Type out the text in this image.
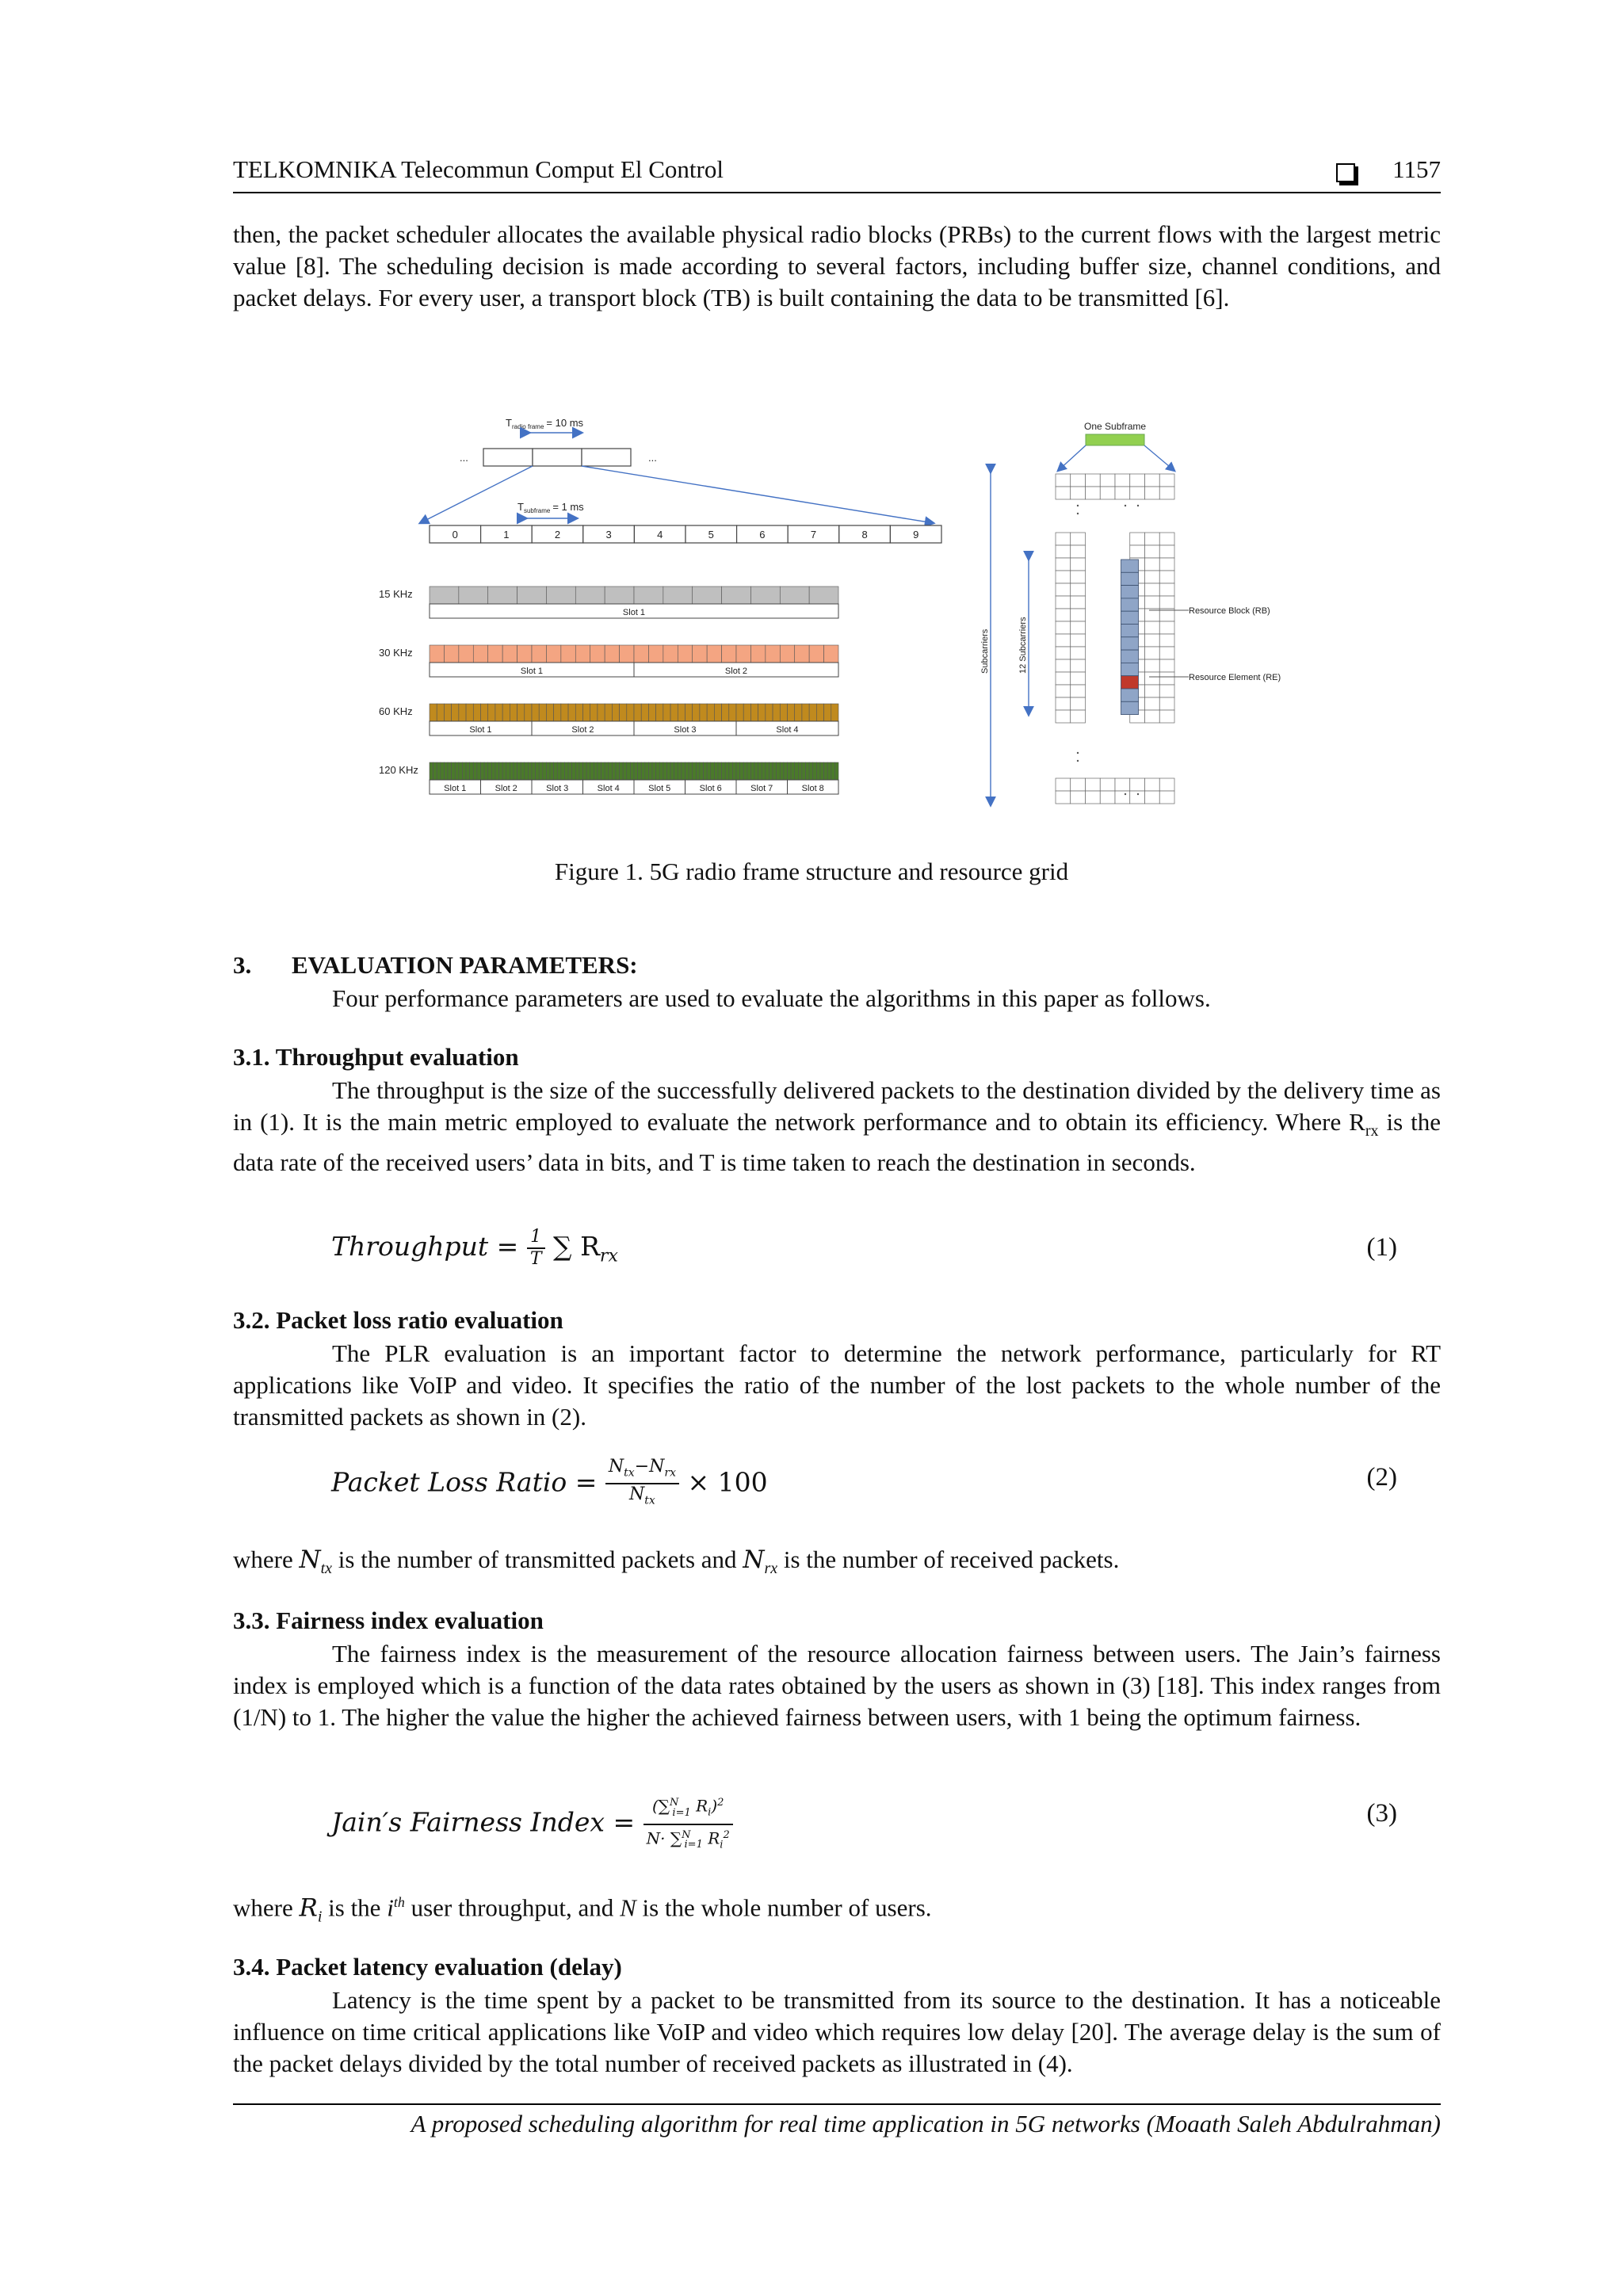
TELKOMNIKA Telecommun Comput El Control	1157

then, the packet scheduler allocates the available physical radio blocks (PRBs) to the current flows with the largest metric value [8]. The scheduling decision is made according to several factors, including buffer size, channel conditions, and packet delays. For every user, a transport block (TB) is built containing the data to be transmitted [6].

$T_{radio frame} = 10$ ms
...	...
$T_{subframe} = 1$ ms
0	1	2	3	4	5	6	7	8	9
15 KHz
Slot 1
30 KHz
Slot 1	Slot 2
60 KHz
Slot 1	Slot 2	Slot 3	Slot 4
120 KHz
Slot 1	Slot 2	Slot 3	Slot 4	Slot 5	Slot 6	Slot 7	Slot 8
One Subframe
Subcarriers	12 Subcarriers
Resource Block (RB)
Resource Element (RE)
Figure 1. 5G radio frame structure and resource grid
3. EVALUATION PARAMETERS:

Four performance parameters are used to evaluate the algorithms in this paper as follows.

3.1. Throughput evaluation

The throughput is the size of the successfully delivered packets to the destination divided by the delivery time as in (1). It is the main metric employed to evaluate the network performance and to obtain its efficiency. Where $R_{rx}$ is the data rate of the received users’ data in bits, and T is time taken to reach the destination in seconds.

Throughput = $\frac{1}{T}$ ∑ $R_{rx}$	(1)
3.2. Packet loss ratio evaluation

The PLR evaluation is an important factor to determine the network performance, particularly for RT applications like VoIP and video. It specifies the ratio of the number of the lost packets to the whole number of the transmitted packets as shown in (2).

Packet Loss Ratio = $\frac{N_{tx}-N_{rx}}{N_{tx}} \times 100$	(2)

where $N_{tx}$ is the number of transmitted packets and $N_{rx}$ is the number of received packets.

3.3. Fairness index evaluation

The fairness index is the measurement of the resource allocation fairness between users. The Jain’s fairness index is employed which is a function of the data rates obtained by the users as shown in (3) [18]. This index ranges from (1/N) to 1. The higher the value the higher the achieved fairness between users, with 1 being the optimum fairness.

Jain′s Fairness Index = $\frac{(\sum^N_{i=1} R_i)^2}{N\cdot \sum^N_{i=1} R_i^2}$	(3)

where $R_i$ is the $i^{th}$ user throughput, and N is the whole number of users.

3.4. Packet latency evaluation (delay)

Latency is the time spent by a packet to be transmitted from its source to the destination. It has a noticeable influence on time critical applications like VoIP and video which requires low delay [20]. The average delay is the sum of the packet delays divided by the total number of received packets as illustrated in (4).

A proposed scheduling algorithm for real time application in 5G networks (Moaath Saleh Abdulrahman)
